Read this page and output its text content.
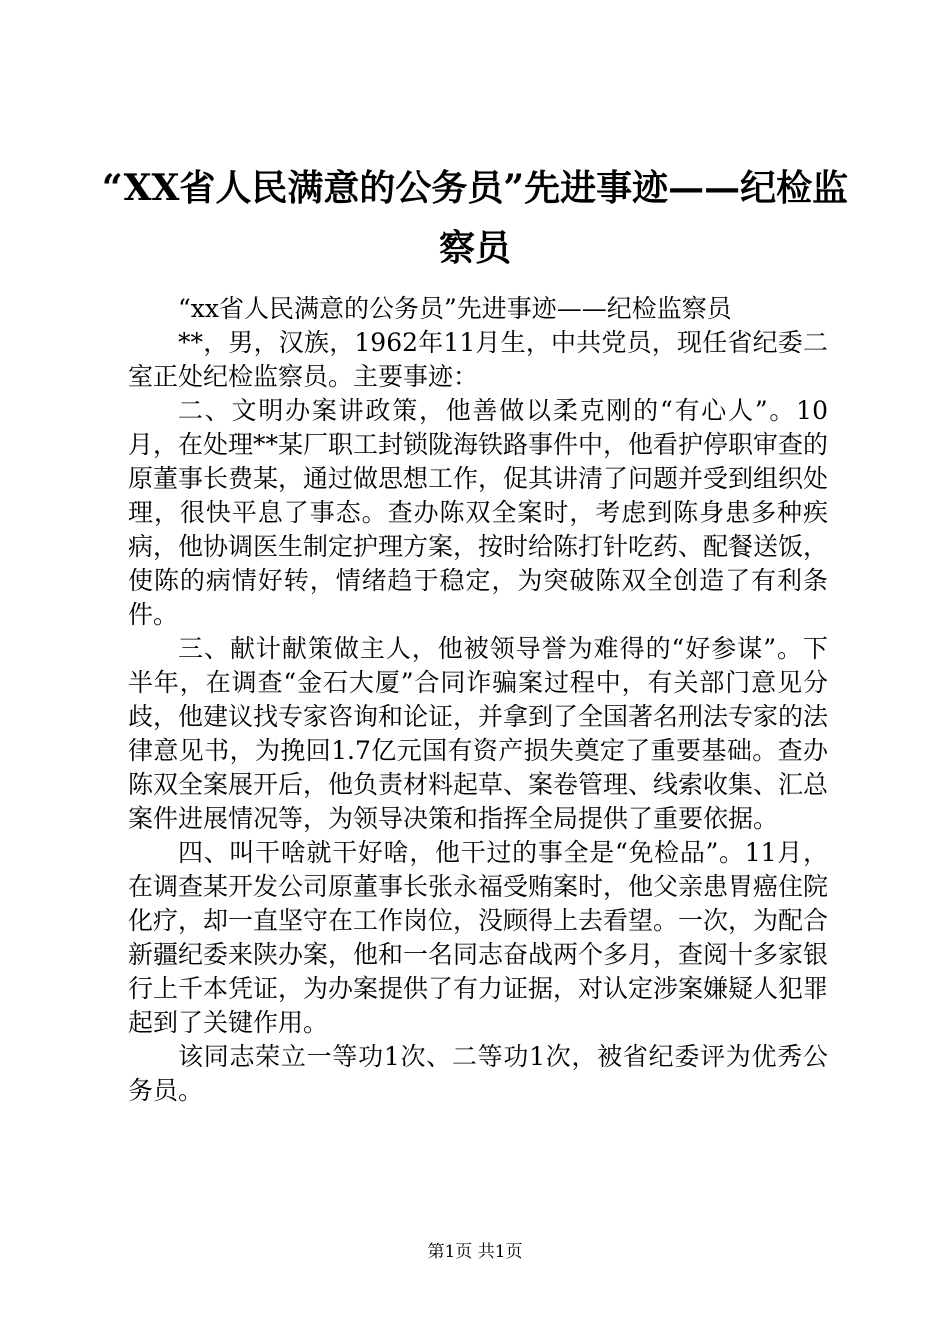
“XX省人民满意的公务员”先进事迹——纪检监察员

“xx省人民满意的公务员”先进事迹——纪检监察员

**，男，汉族，1962年11月生，中共党员，现任省纪委二室正处纪检监察员。主要事迹：

二、文明办案讲政策，他善做以柔克刚的“有心人”。10月，在处理**某厂职工封锁陇海铁路事件中，他看护停职审查的原董事长费某，通过做思想工作，促其讲清了问题并受到组织处理，很快平息了事态。查办陈双全案时，考虑到陈身患多种疾病，他协调医生制定护理方案，按时给陈打针吃药、配餐送饭，使陈的病情好转，情绪趋于稳定，为突破陈双全创造了有利条件。

三、献计献策做主人，他被领导誉为难得的“好参谋”。下半年，在调查“金石大厦”合同诈骗案过程中，有关部门意见分歧，他建议找专家咨询和论证，并拿到了全国著名刑法专家的法律意见书，为挽回1.7亿元国有资产损失奠定了重要基础。查办陈双全案展开后，他负责材料起草、案卷管理、线索收集、汇总案件进展情况等，为领导决策和指挥全局提供了重要依据。

四、叫干啥就干好啥，他干过的事全是“免检品”。11月，在调查某开发公司原董事长张永福受贿案时，他父亲患胃癌住院化疗，却一直坚守在工作岗位，没顾得上去看望。一次，为配合新疆纪委来陕办案，他和一名同志奋战两个多月，查阅十多家银行上千本凭证，为办案提供了有力证据，对认定涉案嫌疑人犯罪起到了关键作用。

该同志荣立一等功1次、二等功1次，被省纪委评为优秀公务员。

第1页 共1页
